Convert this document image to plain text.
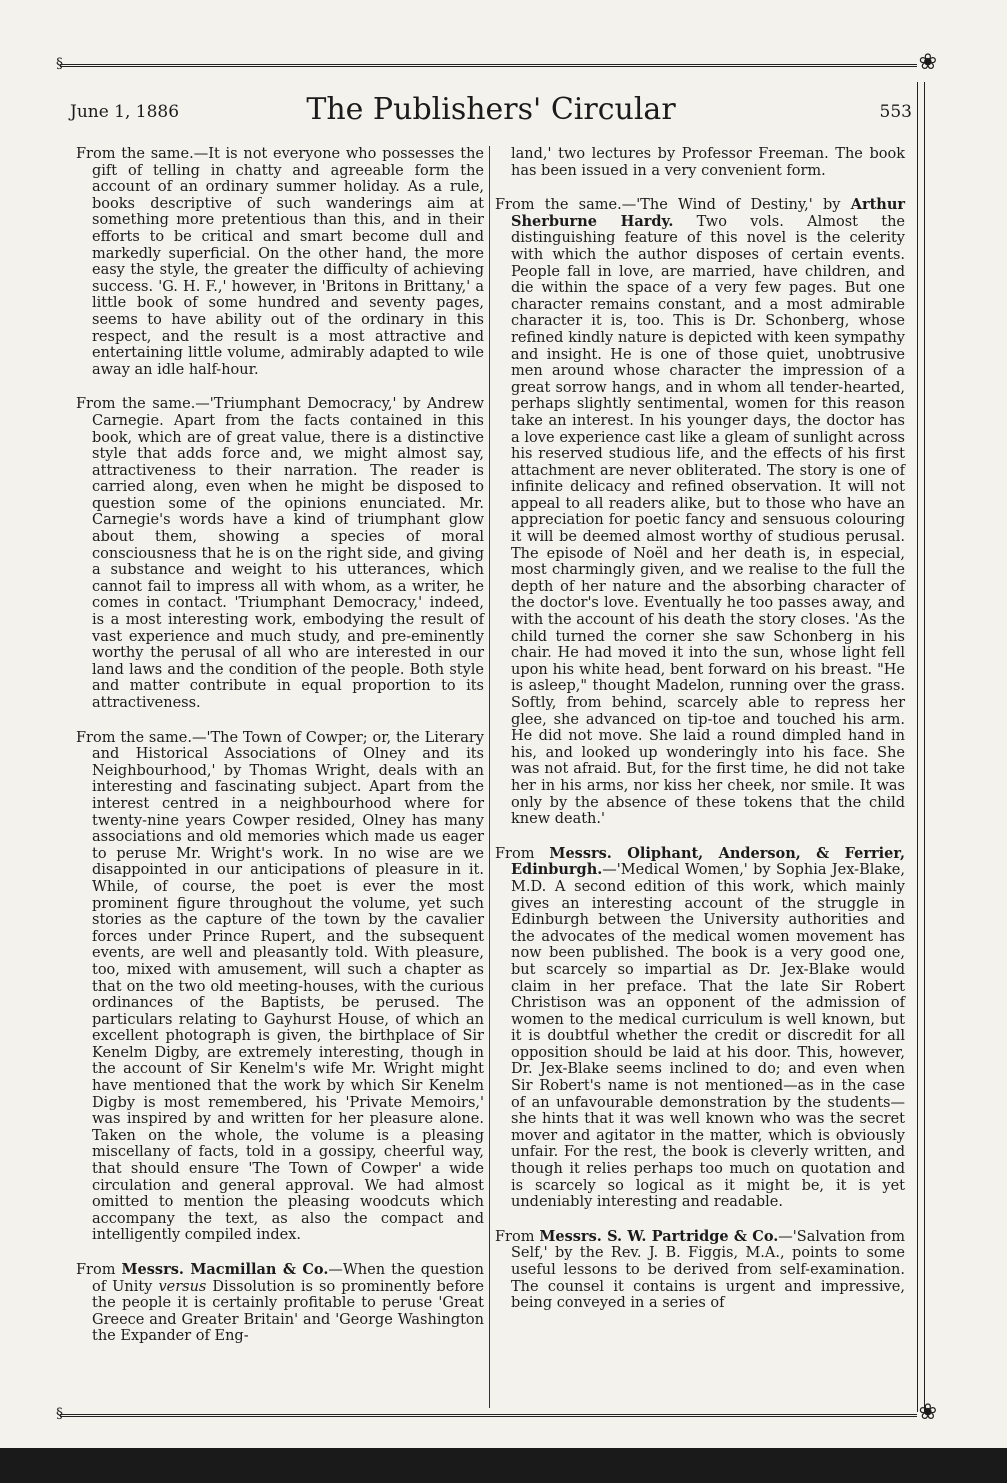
§	❀
June 1, 1886	The Publishers' Circular	553

From the same.—It is not everyone who possesses the gift of telling in chatty and agreeable form the account of an ordinary summer holiday. As a rule, books descriptive of such wanderings aim at something more pretentious than this, and in their efforts to be critical and smart become dull and markedly superficial. On the other hand, the more easy the style, the greater the difficulty of achieving success. 'G. H. F.,' however, in 'Britons in Brittany,' a little book of some hundred and seventy pages, seems to have ability out of the ordinary in this respect, and the result is a most attractive and entertaining little volume, admirably adapted to wile away an idle half-hour.

From the same.—'Triumphant Democracy,' by Andrew Carnegie. Apart from the facts contained in this book, which are of great value, there is a distinctive style that adds force and, we might almost say, attractiveness to their narration. The reader is carried along, even when he might be disposed to question some of the opinions enunciated. Mr. Carnegie's words have a kind of triumphant glow about them, showing a species of moral consciousness that he is on the right side, and giving a substance and weight to his utterances, which cannot fail to impress all with whom, as a writer, he comes in contact. 'Triumphant Democracy,' indeed, is a most interesting work, embodying the result of vast experience and much study, and pre-eminently worthy the perusal of all who are interested in our land laws and the condition of the people. Both style and matter contribute in equal proportion to its attractiveness.

From the same.—'The Town of Cowper; or, the Literary and Historical Associations of Olney and its Neighbourhood,' by Thomas Wright, deals with an interesting and fascinating subject. Apart from the interest centred in a neighbourhood where for twenty-nine years Cowper resided, Olney has many associations and old memories which made us eager to peruse Mr. Wright's work. In no wise are we disappointed in our anticipations of pleasure in it. While, of course, the poet is ever the most prominent figure throughout the volume, yet such stories as the capture of the town by the cavalier forces under Prince Rupert, and the subsequent events, are well and pleasantly told. With pleasure, too, mixed with amusement, will such a chapter as that on the two old meeting-houses, with the curious ordinances of the Baptists, be perused. The particulars relating to Gayhurst House, of which an excellent photograph is given, the birthplace of Sir Kenelm Digby, are extremely interesting, though in the account of Sir Kenelm's wife Mr. Wright might have mentioned that the work by which Sir Kenelm Digby is most remembered, his 'Private Memoirs,' was inspired by and written for her pleasure alone. Taken on the whole, the volume is a pleasing miscellany of facts, told in a gossipy, cheerful way, that should ensure 'The Town of Cowper' a wide circulation and general approval. We had almost omitted to mention the pleasing woodcuts which accompany the text, as also the compact and intelligently compiled index.

From Messrs. Macmillan & Co.—When the question of Unity versus Dissolution is so prominently before the people it is certainly profitable to peruse 'Great Greece and Greater Britain' and 'George Washington the Expander of Eng-

land,' two lectures by Professor Freeman. The book has been issued in a very convenient form.

From the same.—'The Wind of Destiny,' by Arthur Sherburne Hardy. Two vols. Almost the distinguishing feature of this novel is the celerity with which the author disposes of certain events. People fall in love, are married, have children, and die within the space of a very few pages. But one character remains constant, and a most admirable character it is, too. This is Dr. Schonberg, whose refined kindly nature is depicted with keen sympathy and insight. He is one of those quiet, unobtrusive men around whose character the impression of a great sorrow hangs, and in whom all tender-hearted, perhaps slightly sentimental, women for this reason take an interest. In his younger days, the doctor has a love experience cast like a gleam of sunlight across his reserved studious life, and the effects of his first attachment are never obliterated. The story is one of infinite delicacy and refined observation. It will not appeal to all readers alike, but to those who have an appreciation for poetic fancy and sensuous colouring it will be deemed almost worthy of studious perusal. The episode of Noël and her death is, in especial, most charmingly given, and we realise to the full the depth of her nature and the absorbing character of the doctor's love. Eventually he too passes away, and with the account of his death the story closes. 'As the child turned the corner she saw Schonberg in his chair. He had moved it into the sun, whose light fell upon his white head, bent forward on his breast. "He is asleep," thought Madelon, running over the grass. Softly, from behind, scarcely able to repress her glee, she advanced on tip-toe and touched his arm. He did not move. She laid a round dimpled hand in his, and looked up wonderingly into his face. She was not afraid. But, for the first time, he did not take her in his arms, nor kiss her cheek, nor smile. It was only by the absence of these tokens that the child knew death.'

From Messrs. Oliphant, Anderson, & Ferrier, Edinburgh.—'Medical Women,' by Sophia Jex-Blake, M.D. A second edition of this work, which mainly gives an interesting account of the struggle in Edinburgh between the University authorities and the advocates of the medical women movement has now been published. The book is a very good one, but scarcely so impartial as Dr. Jex-Blake would claim in her preface. That the late Sir Robert Christison was an opponent of the admission of women to the medical curriculum is well known, but it is doubtful whether the credit or discredit for all opposition should be laid at his door. This, however, Dr. Jex-Blake seems inclined to do; and even when Sir Robert's name is not mentioned—as in the case of an unfavourable demonstration by the students—she hints that it was well known who was the secret mover and agitator in the matter, which is obviously unfair. For the rest, the book is cleverly written, and though it relies perhaps too much on quotation and is scarcely so logical as it might be, it is yet undeniably interesting and readable.

From Messrs. S. W. Partridge & Co.—'Salvation from Self,' by the Rev. J. B. Figgis, M.A., points to some useful lessons to be derived from self-examination. The counsel it contains is urgent and impressive, being conveyed in a series of

§	❀
